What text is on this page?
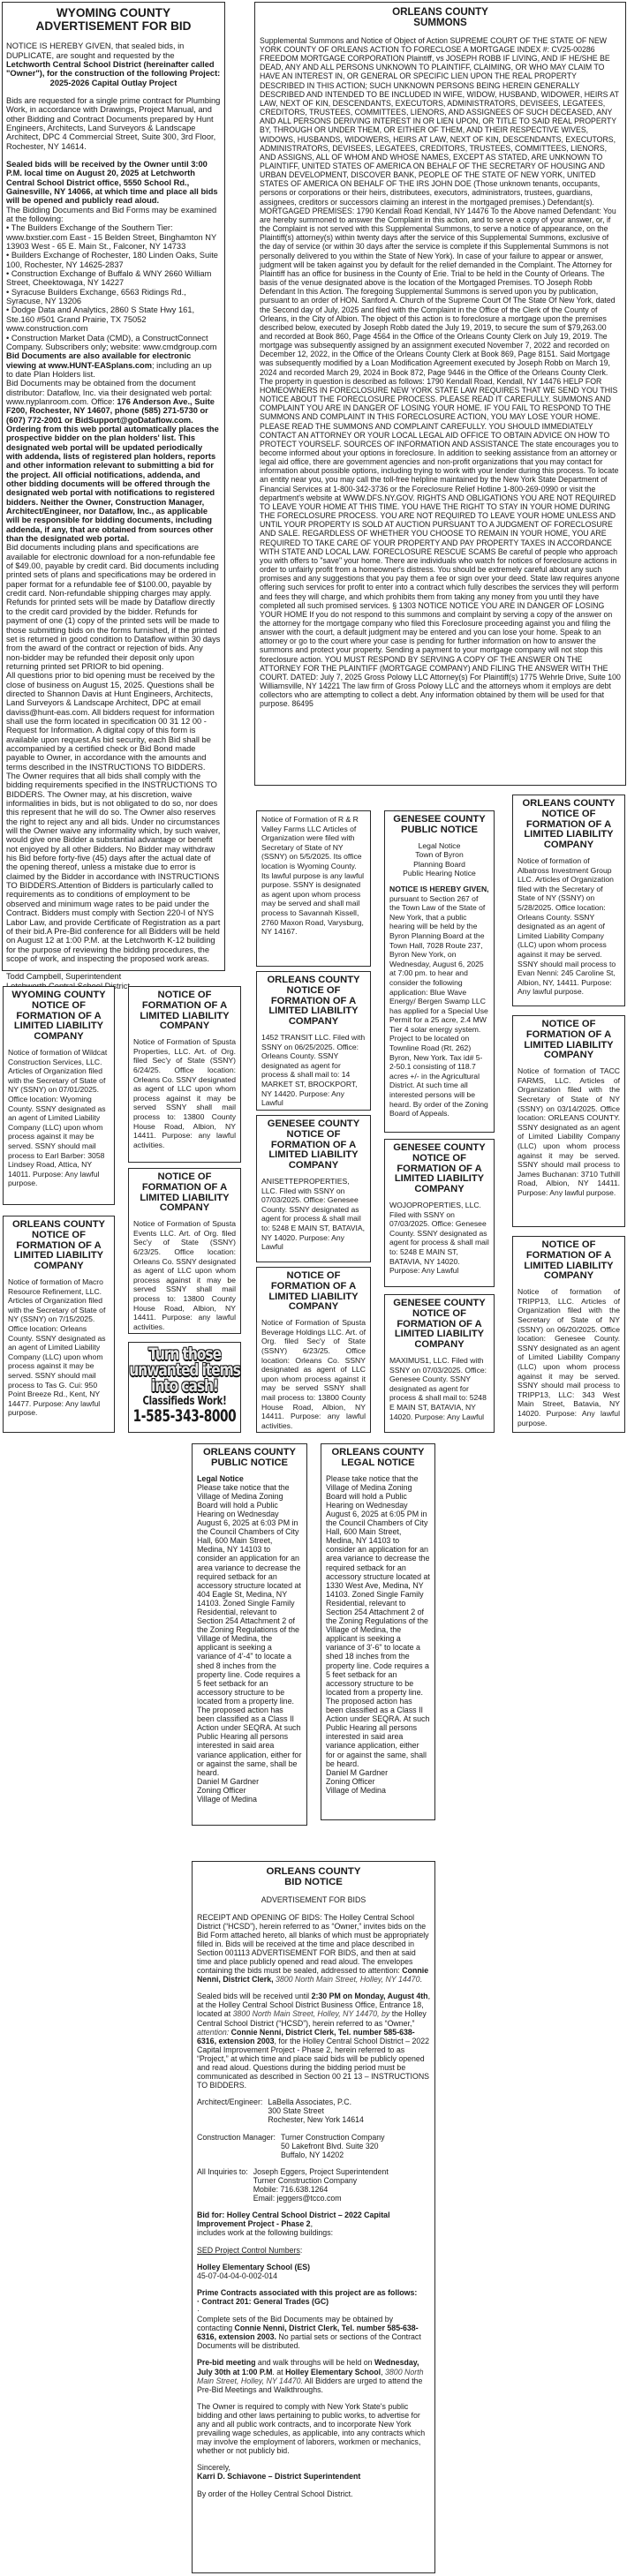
WYOMING COUNTY
ADVERTISEMENT FOR BID
NOTICE IS HEREBY GIVEN, that sealed bids, in DUPLICATE, are sought and requested by the Letchworth Central School District (hereinafter called "Owner"), for the construction of the following Project:
2025-2026 Capital Outlay Project
Bids are requested for a single prime contract for Plumbing Work, in accordance with Drawings, Project Manual, and other Bidding and Contract Documents prepared by Hunt Engineers, Architects, Land Surveyors & Landscape Architect, DPC 4 Commercial Street, Suite 300, 3rd Floor, Rochester, NY 14614.
Sealed bids will be received by the Owner until 3:00 P.M. local time on August 20, 2025 at Letchworth Central School District office, 5550 School Rd., Gainesville, NY 14066, at which time and place all bids will be opened and publicly read aloud.
The Bidding Documents and Bid Forms may be examined at the following:
• The Builders Exchange of the Southern Tier: www.bxstier.com East - 15 Belden Street, Binghamton NY 13903 West - 65 E. Main St., Falconer, NY 14733
• Builders Exchange of Rochester, 180 Linden Oaks, Suite 100, Rochester, NY 14625-2837
• Construction Exchange of Buffalo & WNY 2660 William Street, Cheektowaga, NY 14227
• Syracuse Builders Exchange, 6563 Ridings Rd., Syracuse, NY 13206
• Dodge Data and Analytics, 2860 S State Hwy 161, Ste.160 #501 Grand Prairie, TX 75052 www.construction.com
• Construction Market Data (CMD), a ConstructConnect Company. Subscribers only; website: www.cmdgroup.com
Bid Documents are also available for electronic viewing at www.HUNT-EASplans.com; including an up to date Plan Holders list.
Bid Documents may be obtained from the document distributor: Dataflow, Inc. via their designated web portal: www.nyplanroom.com. Office: 176 Anderson Ave., Suite F200, Rochester, NY 14607, phone (585) 271-5730 or (607) 772-2001 or BidSupport@goDataflow.com. Ordering from this web portal automatically places the prospective bidder on the plan holders' list. This designated web portal will be updated periodically with addenda, lists of registered plan holders, reports and other information relevant to submitting a bid for the project. All official notifications, addenda, and other bidding documents will be offered through the designated web portal with notifications to registered bidders. Neither the Owner, Construction Manager, Architect/Engineer, nor Dataflow, Inc., as applicable will be responsible for bidding documents, including addenda, if any, that are obtained from sources other than the designated web portal.
Bid documents including plans and specifications are available for electronic download for a non-refundable fee of $49.00, payable by credit card. Bid documents including printed sets of plans and specifications may be ordered in paper format for a refundable fee of $100.00, payable by credit card. Non-refundable shipping charges may apply.
Refunds for printed sets will be made by Dataflow directly to the credit card provided by the bidder. Refunds for payment of one (1) copy of the printed sets will be made to those submitting bids on the forms furnished, if the printed set is returned in good condition to Dataflow within 30 days from the award of the contract or rejection of bids. Any non-bidder may be refunded their deposit only upon returning printed set PRIOR to bid opening.
All questions prior to bid opening must be received by the close of business on August 15, 2025. Questions shall be directed to Shannon Davis at Hunt Engineers, Architects, Land Surveyors & Landscape Architect, DPC at email daviss@hunt-eas.com. All bidders request for information shall use the form located in specification 00 31 12 00 - Request for Information. A digital copy of this form is available upon request.As bid security, each Bid shall be accompanied by a certified check or Bid Bond made payable to Owner, in accordance with the amounts and terms described in the INSTRUCTIONS TO BIDDERS. The Owner requires that all bids shall comply with the bidding requirements specified in the INSTRUCTIONS TO BIDDERS. The Owner may, at his discretion, waive informalities in bids, but is not obligated to do so, nor does this represent that he will do so. The Owner also reserves the right to reject any and all bids. Under no circumstances will the Owner waive any informality which, by such waiver, would give one Bidder a substantial advantage or benefit not enjoyed by all other Bidders. No Bidder may withdraw his Bid before forty-five (45) days after the actual date of the opening thereof, unless a mistake due to error is claimed by the Bidder in accordance with INSTRUCTIONS TO BIDDERS.Attention of Bidders is particularly called to requirements as to conditions of employment to be observed and minimum wage rates to be paid under the Contract. Bidders must comply with Section 220-I of NYS Labor Law, and provide Certificate of Registration as a part of their bid.A Pre-Bid conference for all Bidders will be held on August 12 at 1:00 P.M. at the Letchworth K-12 building for the purpose of reviewing the bidding procedures, the scope of work, and inspecting the proposed work areas.
Todd Campbell, Superintendent
District
ORLEANS COUNTY
SUMMONS
Supplemental Summons and Notice of Object of Action SUPREME COURT OF THE STATE OF NEW YORK COUNTY OF ORLEANS ACTION TO FORECLOSE A MORTGAGE INDEX #: CV25-00286 FREEDOM MORTGAGE CORPORATION Plaintiff, vs JOSEPH ROBB IF LIVING, AND IF HE/SHE BE DEAD, ANY AND ALL PERSONS UNKNOWN TO PLAINTIFF, CLAIMING, OR WHO MAY CLAIM TO HAVE AN INTEREST IN, OR GENERAL OR SPECIFIC LIEN UPON THE REAL PROPERTY DESCRIBED IN THIS ACTION; SUCH UNKNOWN PERSONS BEING HEREIN GENERALLY DESCRIBED AND INTENDED TO BE INCLUDED IN WIFE, WIDOW, HUSBAND, WIDOWER, HEIRS AT LAW, NEXT OF KIN, DESCENDANTS, EXECUTORS, ADMINISTRATORS, DEVISEES, LEGATEES, CREDITORS, TRUSTEES, COMMITTEES, LIENORS, AND ASSIGNEES OF SUCH DECEASED, ANY AND ALL PERSONS DERIVING INTEREST IN OR LIEN UPON, OR TITLE TO SAID REAL PROPERTY BY, THROUGH OR UNDER THEM, OR EITHER OF THEM, AND THEIR RESPECTIVE WIVES, WIDOWS, HUSBANDS, WIDOWERS, HEIRS AT LAW, NEXT OF KIN, DESCENDANTS, EXECUTORS, ADMINISTRATORS, DEVISEES, LEGATEES, CREDITORS, TRUSTEES, COMMITTEES, LIENORS, AND ASSIGNS, ALL OF WHOM AND WHOSE NAMES, EXCEPT AS STATED, ARE UNKNOWN TO PLAINTIFF, UNITED STATES OF AMERICA ON BEHALF OF THE SECRETARY OF HOUSING AND URBAN DEVELOPMENT, DISCOVER BANK, PEOPLE OF THE STATE OF NEW YORK, UNITED STATES OF AMERICA ON BEHALF OF THE IRS JOHN DOE (Those unknown tenants, occupants, persons or corporations or their heirs, distributees, executors, administrators, trustees, guardians, assignees, creditors or successors claiming an interest in the mortgaged premises.) Defendant(s). MORTGAGED PREMISES: 1790 Kendall Road Kendall, NY 14476 To the Above named Defendant: You are hereby summoned to answer the Complaint in this action, and to serve a copy of your answer, or, if the Complaint is not served with this Supplemental Summons, to serve a notice of appearance, on the Plaintiff(s) attorney(s) within twenty days after the service of this Supplemental Summons, exclusive of the day of service (or within 30 days after the service is complete if this Supplemental Summons is not personally delivered to you within the State of New York). In case of your failure to appear or answer, judgment will be taken against you by default for the relief demanded in the Complaint. The Attorney for Plaintiff has an office for business in the County of Erie. Trial to be held in the County of Orleans. The basis of the venue designated above is the location of the Mortgaged Premises. TO Joseph Robb Defendant In this Action. The foregoing Supplemental Summons is served upon you by publication, pursuant to an order of HON. Sanford A. Church of the Supreme Court Of The State Of New York, dated the Second day of July, 2025 and filed with the Complaint in the Office of the Clerk of the County of Orleans, in the City of Albion. The object of this action is to foreclosure a mortgage upon the premises described below, executed by Joseph Robb dated the July 19, 2019, to secure the sum of $79,263.00 and recorded at Book 860, Page 4564 in the Office of the Orleans County Clerk on July 19, 2019. The mortgage was subsequently assigned by an assignment executed November 7, 2022 and recorded on December 12, 2022, in the Office of the Orleans County Clerk at Book 869, Page 8151. Said Mortgage was subsequently modified by a Loan Modification Agreement executed by Joseph Robb on March 19, 2024 and recorded March 29, 2024 in Book 872, Page 9446 in the Office of the Orleans County Clerk. The property in question is described as follows: 1790 Kendall Road, Kendall, NY 14476 HELP FOR HOMEOWNERS IN FORECLOSURE NEW YORK STATE LAW REQUIRES THAT WE SEND YOU THIS NOTICE ABOUT THE FORECLOSURE PROCESS. PLEASE READ IT CAREFULLY. SUMMONS AND COMPLAINT YOU ARE IN DANGER OF LOSING YOUR HOME. IF YOU FAIL TO RESPOND TO THE SUMMONS AND COMPLAINT IN THIS FORECLOSURE ACTION, YOU MAY LOSE YOUR HOME. PLEASE READ THE SUMMONS AND COMPLAINT CAREFULLY. YOU SHOULD IMMEDIATELY CONTACT AN ATTORNEY OR YOUR LOCAL LEGAL AID OFFICE TO OBTAIN ADVICE ON HOW TO PROTECT YOURSELF. SOURCES OF INFORMATION AND ASSISTANCE The state encourages you to become informed about your options in foreclosure. In addition to seeking assistance from an attorney or legal aid office, there are government agencies and non-profit organizations that you may contact for information about possible options, including trying to work with your lender during this process. To locate an entity near you, you may call the toll-free helpline maintained by the New York State Department of Financial Services at 1-800-342-3736 or the Foreclosure Relief Hotline 1-800-269-0990 or visit the department's website at WWW.DFS.NY.GOV. RIGHTS AND OBLIGATIONS YOU ARE NOT REQUIRED TO LEAVE YOUR HOME AT THIS TIME. YOU HAVE THE RIGHT TO STAY IN YOUR HOME DURING THE FORECLOSURE PROCESS. YOU ARE NOT REQUIRED TO LEAVE YOUR HOME UNLESS AND UNTIL YOUR PROPERTY IS SOLD AT AUCTION PURSUANT TO A JUDGMENT OF FORECLOSURE AND SALE. REGARDLESS OF WHETHER YOU CHOOSE TO REMAIN IN YOUR HOME, YOU ARE REQUIRED TO TAKE CARE OF YOUR PROPERTY AND PAY PROPERTY TAXES IN ACCORDANCE WITH STATE AND LOCAL LAW. FORECLOSURE RESCUE SCAMS Be careful of people who approach you with offers to "save" your home. There are individuals who watch for notices of foreclosure actions in order to unfairly profit from a homeowner's distress. You should be extremely careful about any such promises and any suggestions that you pay them a fee or sign over your deed. State law requires anyone offering such services for profit to enter into a contract which fully describes the services they will perform and fees they will charge, and which prohibits them from taking any money from you until they have completed all such promised services. § 1303 NOTICE NOTICE YOU ARE IN DANGER OF LOSING YOUR HOME If you do not respond to this summons and complaint by serving a copy of the answer on the attorney for the mortgage company who filed this Foreclosure proceeding against you and filing the answer with the court, a default judgment may be entered and you can lose your home. Speak to an attorney or go to the court where your case is pending for further information on how to answer the summons and protect your property. Sending a payment to your mortgage company will not stop this foreclosure action. YOU MUST RESPOND BY SERVING A COPY OF THE ANSWER ON THE ATTORNEY FOR THE PLAINTIFF (MORTGAGE COMPANY) AND FILING THE ANSWER WITH THE COURT. DATED: July 7, 2025 Gross Polowy LLC Attorney(s) For Plaintiff(s) 1775 Wehrle Drive, Suite 100 Williamsville, NY 14221 The law firm of Gross Polowy LLC and the attorneys whom it employs are debt collectors who are attempting to collect a debt. Any information obtained by them will be used for that purpose. 86495
WYOMING COUNTY
NOTICE OF
FORMATION OF A
LIMITED LIABILITY
COMPANY
Notice of formation of Wildcat Construction Services, LLC. Articles of Organization filed with the Secretary of State of NY (SSNY) on 07/01/2025. Office location: Wyoming County. SSNY designated as an agent of Limited Liability Company (LLC) upon whom process against it may be served. SSNY should mail process to Earl Barber: 3058 Lindsey Road, Attica, NY 14011. Purpose: Any lawful purpose.
NOTICE OF
FORMATION OF A
LIMITED LIABILITY
COMPANY
Notice of Formation of Spusta Properties, LLC. Art. of Org. filed Sec'y of State (SSNY) 6/24/25. Office location: Orleans Co. SSNY designated as agent of LLC upon whom process against it may be served SSNY shall mail process to: 13800 County House Road, Albion, NY 14411. Purpose: any lawful activities.
ORLEANS COUNTY
NOTICE OF
FORMATION OF A
LIMITED LIABILITY
COMPANY
Notice of formation of Macro Resource Refinement, LLC. Articles of Organization filed with the Secretary of State of NY (SSNY) on 7/15/2025. Office location: Orleans County. SSNY designated as an agent of Limited Liability Company (LLC) upon whom process against it may be served. SSNY should mail process to Tas G. Cui: 950 Point Breeze Rd., Kent, NY 14477. Purpose: Any lawful purpose.
NOTICE OF
FORMATION OF A
LIMITED LIABILITY
COMPANY
Notice of Formation of Spusta Events LLC. Art. of Org. filed Sec'y of State (SSNY) 6/23/25. Office location: Orleans Co. SSNY designated as agent of LLC upon whom process against it may be served SSNY shall mail process to: 13800 County House Road, Albion, NY 14411. Purpose: any lawful activities.
Turn those
unwanted items
into cash!
Classifieds Work!
1-585-343-8000
Notice of Formation of R & R Valley Farms LLC Articles of Organization were filed with Secretary of State of NY (SSNY) on 5/5/2025. Its office location is Wyoming County. Its lawful purpose is any lawful purpose. SSNY is designated as agent upon whom process may be served and shall mail process to Savannah Kissell, 2760 Maxon Road, Varysburg, NY 14167.
ORLEANS COUNTY
NOTICE OF
FORMATION OF A
LIMITED LIABILITY
COMPANY
1452 TRANSIT LLC. Filed with SSNY on 06/25/2025. Office: Orleans County. SSNY designated as agent for process & shall mail to: 14 MARKET ST, BROCKPORT, NY 14420. Purpose: Any Lawful
GENESEE COUNTY
NOTICE OF
FORMATION OF A
LIMITED LIABILITY
COMPANY
ANISETTEPROPERTIES, LLC. Filed with SSNY on 07/03/2025. Office: Genesee County. SSNY designated as agent for process & shall mail to: 5248 E MAIN ST, BATAVIA, NY 14020. Purpose: Any Lawful
NOTICE OF
FORMATION OF A
LIMITED LIABILITY
COMPANY
Notice of Formation of Spusta Beverage Holdings LLC. Art. of Org. filed Sec'y of State (SSNY) 6/23/25. Office location: Orleans Co. SSNY designated as agent of LLC upon whom process against it may be served SSNY shall mail process to: 13800 County House Road, Albion, NY 14411. Purpose: any lawful activities.
GENESEE COUNTY
PUBLIC NOTICE
Legal Notice
Town of Byron
Planning Board
Public Hearing Notice
NOTICE IS HEREBY GIVEN, pursuant to Section 267 of the Town Law of the State of New York, that a public hearing will be held by the Byron Planning Board at the Town Hall, 7028 Route 237, Byron New York, on Wednesday, August 6, 2025 at 7:00 pm. to hear and consider the following application: Blue Wave Energy/ Bergen Swamp LLC has applied for a Special Use Permit for a 25 acre, 2.4 MW Tier 4 solar energy system. Project to be located on Townline Road (Rt. 262) Byron, New York. Tax id# 5-2-50.1 consisting of 118.7 acres +/- in the Agricultural District. At such time all interested persons will be heard. By order of the Zoning Board of Appeals.
GENESEE COUNTY
NOTICE OF
FORMATION OF A
LIMITED LIABILITY
COMPANY
WOJOPROPERTIES, LLC. Filed with SSNY on 07/03/2025. Office: Genesee County. SSNY designated as agent for process & shall mail to: 5248 E MAIN ST, BATAVIA, NY 14020. Purpose: Any Lawful
GENESEE COUNTY
NOTICE OF
FORMATION OF A
LIMITED LIABILITY
COMPANY
MAXIMUS1, LLC. Filed with SSNY on 07/03/2025. Office: Genesee County. SSNY designated as agent for process & shall mail to: 5248 E MAIN ST, BATAVIA, NY 14020. Purpose: Any Lawful
ORLEANS COUNTY
NOTICE OF
FORMATION OF A
LIMITED LIABILITY
COMPANY
Notice of formation of Albatross Investment Group LLC. Articles of Organization filed with the Secretary of State of NY (SSNY) on 5/28/2025. Office location: Orleans County. SSNY designated as an agent of Limited Liability Company (LLC) upon whom process against it may be served. SSNY should mail process to Evan Nenni: 245 Caroline St, Albion, NY, 14411. Purpose: Any lawful purpose.
NOTICE OF
FORMATION OF A
LIMITED LIABILITY
COMPANY
Notice of formation of TACC FARMS, LLC. Articles of Organization filed with the Secretary of State of NY (SSNY) on 03/14/2025. Office location: ORLEANS COUNTY. SSNY designated as an agent of Limited Liability Company (LLC) upon whom process against it may be served. SSNY should mail process to James Buchanan: 3710 Tuthill Road, Albion, NY 14411. Purpose: Any lawful purpose.
NOTICE OF
FORMATION OF A
LIMITED LIABILITY
COMPANY
Notice of formation of TRIPP13, LLC. Articles of Organization filed with the Secretary of State of NY (SSNY) on 06/20/2025. Office location: Genesee County. SSNY designated as an agent of Limited Liability Company (LLC) upon whom process against it may be served. SSNY should mail process to TRIPP13, LLC: 343 West Main Street, Batavia, NY 14020. Purpose: Any lawful purpose.
ORLEANS COUNTY
PUBLIC NOTICE
Legal Notice
Please take notice that the Village of Medina Zoning Board will hold a Public Hearing on Wednesday August 6, 2025 at 6:03 PM in the Council Chambers of City Hall, 600 Main Street, Medina, NY 14103 to consider an application for an area variance to decrease the required setback for an accessory structure located at 404 Eagle St, Medina, NY 14103. Zoned Single Family Residential, relevant to Section 254 Attachment 2 of the Zoning Regulations of the Village of Medina, the applicant is seeking a variance of 4'-4" to locate a shed 8 inches from the property line. Code requires a 5 feet setback for an accessory structure to be located from a property line. The proposed action has been classified as a Class II Action under SEQRA. At such Public Hearing all persons interested in said area variance application, either for or against the same, shall be heard.
Daniel M Gardner
Zoning Officer
Village of Medina
ORLEANS COUNTY
LEGAL NOTICE
Please take notice that the Village of Medina Zoning Board will hold a Public Hearing on Wednesday August 6, 2025 at 6:05 PM in the Council Chambers of City Hall, 600 Main Street, Medina, NY 14103 to consider an application for an area variance to decrease the required setback for an accessory structure located at 1330 West Ave, Medina, NY 14103. Zoned Single Family Residential, relevant to Section 254 Attachment 2 of the Zoning Regulations of the Village of Medina, the applicant is seeking a variance of 3'-6" to locate a shed 18 inches from the property line. Code requires a 5 feet setback for an accessory structure to be located from a property line. The proposed action has been classified as a Class II Action under SEQRA. At such Public Hearing all persons interested in said area variance application, either for or against the same, shall be heard.
Daniel M Gardner
Zoning Officer
Village of Medina
ORLEANS COUNTY
BID NOTICE
ADVERTISEMENT FOR BIDS
RECEIPT AND OPENING OF BIDS: The Holley Central School District (“HCSD”), herein referred to as “Owner,” invites bids on the Bid Form attached hereto, all blanks of which must be appropriately filled in. Bids will be received at the time and place described in Section 001113 ADVERTISEMENT FOR BIDS, and then at said time and place publicly opened and read aloud. The envelopes containing the bids must be sealed, addressed to attention: Connie Nenni, District Clerk, 3800 North Main Street, Holley, NY 14470.
Sealed bids will be received until 2:30 PM on Monday, August 4th, at the Holley Central School District Business Office, Entrance 18, located at 3800 North Main Street, Holley, NY 14470, by the Holley Central School District (“HCSD”), herein referred to as “Owner,” attention: Connie Nenni, District Clerk, Tel. number 585-638-6316, extension 2003, for the Holley Central School District – 2022 Capital Improvement Project - Phase 2, herein referred to as “Project,” at which time and place said bids will be publicly opened and read aloud. Questions during the bidding period must be communicated as described in Section 00 21 13 – INSTRUCTIONS TO BIDDERS.
Architect/Engineer: LaBella Associates, P.C.
300 State Street
Rochester, New York 14614
Construction Manager: Turner Construction Company
50 Lakefront Blvd. Suite 320
Buffalo, NY 14202
All Inquiries to: Joseph Eggers, Project Superintendent
Turner Construction Company
Mobile: 716.638.1264
Email: jeggers@tcco.com
Bid for: Holley Central School District – 2022 Capital Improvement Project - Phase 2,
includes work at the following buildings:
SED Project Control Numbers:
Holley Elementary School (ES)
45-07-04-04-0-002-014
Prime Contracts associated with this project are as follows:
· Contract 201: General Trades (GC)
·
Complete sets of the Bid Documents may be obtained by contacting Connie Nenni, District Clerk, Tel. number 585-638-6316, extension 2003. No partial sets or sections of the Contract Documents will be distributed.
Pre-bid meeting and walk throughs will be held on Wednesday, July 30th at 1:00 P.M. at Holley Elementary School, 3800 North Main Street, Holley, NY 14470. All Bidders are urged to attend the Pre-Bid Meetings and Walkthroughs.
The Owner is required to comply with New York State's public bidding and other laws pertaining to public works, to advertise for any and all public work contracts, and to incorporate New York prevailing wage schedules, as applicable, into any contracts which may involve the employment of laborers, workmen or mechanics, whether or not publicly bid.
Sincerely,
Karri D. Schiavone – District Superintendent
By order of the Holley Central School District.
